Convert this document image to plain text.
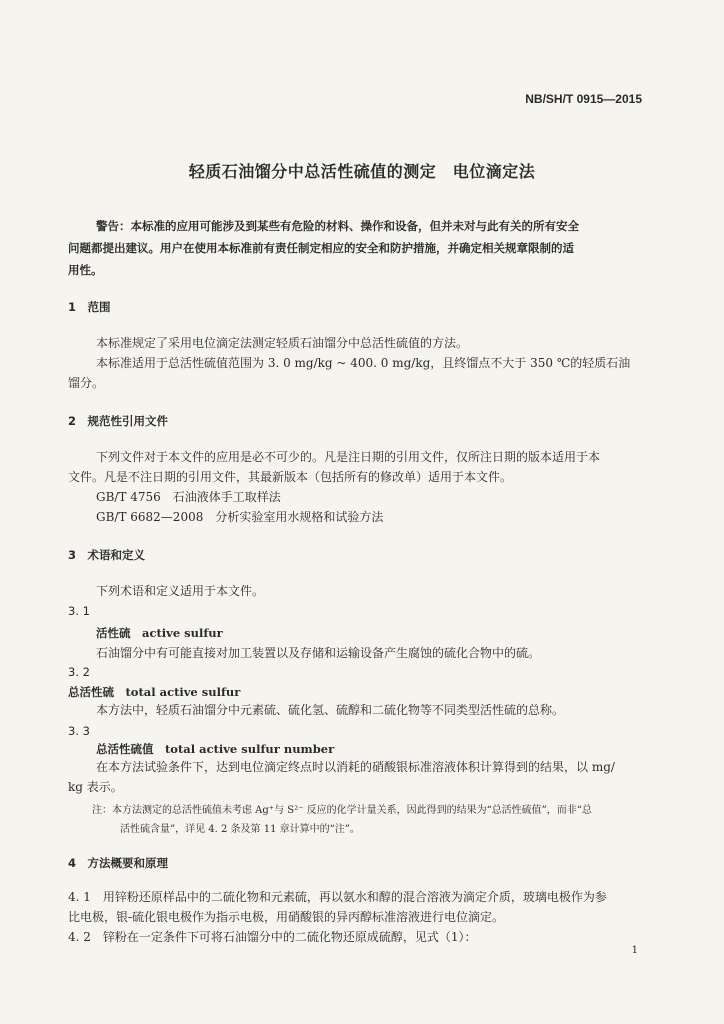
NB/SH/T 0915—2015
轻质石油馏分中总活性硫值的测定　电位滴定法
警告：本标准的应用可能涉及到某些有危险的材料、操作和设备，但并未对与此有关的所有安全
问题都提出建议。用户在使用本标准前有责任制定相应的安全和防护措施，并确定相关规章限制的适
用性。
1　范围
本标准规定了采用电位滴定法测定轻质石油馏分中总活性硫值的方法。
本标准适用于总活性硫值范围为 3. 0 mg/kg ~ 400. 0 mg/kg，且终馏点不大于 350 ℃的轻质石油
馏分。
2　规范性引用文件
下列文件对于本文件的应用是必不可少的。凡是注日期的引用文件，仅所注日期的版本适用于本
文件。凡是不注日期的引用文件，其最新版本（包括所有的修改单）适用于本文件。
GB/T 4756　石油液体手工取样法
GB/T 6682—2008　分析实验室用水规格和试验方法
3　术语和定义
下列术语和定义适用于本文件。
3. 1
活性硫　active sulfur
石油馏分中有可能直接对加工装置以及存储和运输设备产生腐蚀的硫化合物中的硫。
3. 2
总活性硫　total active sulfur
本方法中，轻质石油馏分中元素硫、硫化氢、硫醇和二硫化物等不同类型活性硫的总称。
3. 3
总活性硫值　total active sulfur number
在本方法试验条件下，达到电位滴定终点时以消耗的硝酸银标准溶液体积计算得到的结果，以 mg/
kg 表示。
注：本方法测定的总活性硫值未考虑 Ag⁺与 S²⁻ 反应的化学计量关系，因此得到的结果为“总活性硫值”，而非“总
活性硫含量”，详见 4. 2 条及第 11 章计算中的“注”。
4　方法概要和原理
4. 1　用锌粉还原样品中的二硫化物和元素硫，再以氨水和醇的混合溶液为滴定介质，玻璃电极作为参
比电极，银-硫化银电极作为指示电极，用硝酸银的异丙醇标准溶液进行电位滴定。
4. 2　锌粉在一定条件下可将石油馏分中的二硫化物还原成硫醇，见式（1）：
1
